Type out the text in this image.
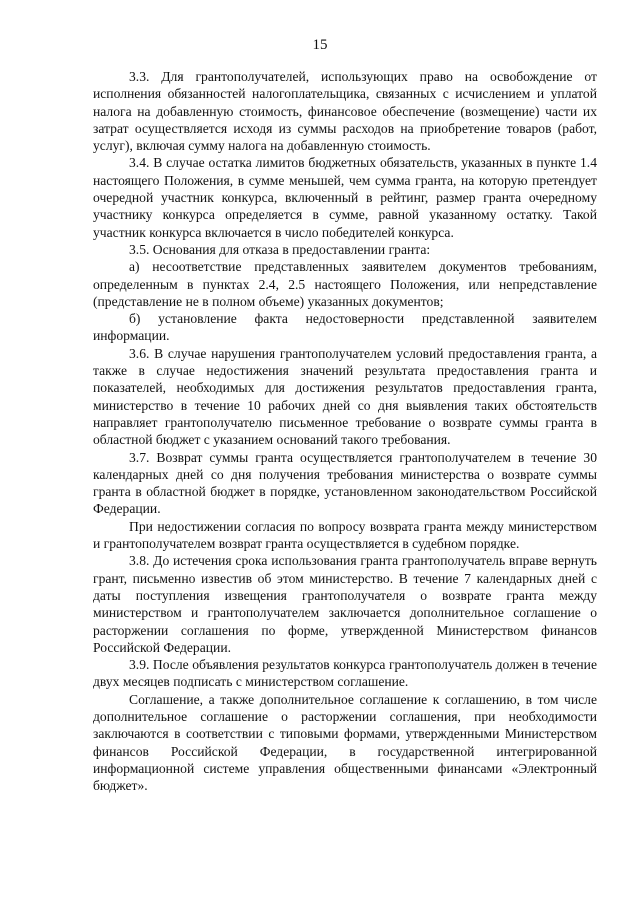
15

3.3. Для грантополучателей, использующих право на освобождение от исполнения обязанностей налогоплательщика, связанных с исчислением и уплатой налога на добавленную стоимость, финансовое обеспечение (возмещение) части их затрат осуществляется исходя из суммы расходов на приобретение товаров (работ, услуг), включая сумму налога на добавленную стоимость.

3.4. В случае остатка лимитов бюджетных обязательств, указанных в пункте 1.4 настоящего Положения, в сумме меньшей, чем сумма гранта, на которую претендует очередной участник конкурса, включенный в рейтинг, размер гранта очередному участнику конкурса определяется в сумме, равной указанному остатку. Такой участник конкурса включается в число победителей конкурса.

3.5. Основания для отказа в предоставлении гранта:

а) несоответствие представленных заявителем документов требованиям, определенным в пунктах 2.4, 2.5 настоящего Положения, или непредставление (представление не в полном объеме) указанных документов;

б) установление факта недостоверности представленной заявителем информации.

3.6. В случае нарушения грантополучателем условий предоставления гранта, а также в случае недостижения значений результата предоставления гранта и показателей, необходимых для достижения результатов предоставления гранта, министерство в течение 10 рабочих дней со дня выявления таких обстоятельств направляет грантополучателю письменное требование о возврате суммы гранта в областной бюджет с указанием оснований такого требования.

3.7. Возврат суммы гранта осуществляется грантополучателем в течение 30 календарных дней со дня получения требования министерства о возврате суммы гранта в областной бюджет в порядке, установленном законодательством Российской Федерации.

При недостижении согласия по вопросу возврата гранта между министерством и грантополучателем возврат гранта осуществляется в судебном порядке.

3.8. До истечения срока использования гранта грантополучатель вправе вернуть грант, письменно известив об этом министерство. В течение 7 календарных дней с даты поступления извещения грантополучателя о возврате гранта между министерством и грантополучателем заключается дополнительное соглашение о расторжении соглашения по форме, утвержденной Министерством финансов Российской Федерации.

3.9. После объявления результатов конкурса грантополучатель должен в течение двух месяцев подписать с министерством соглашение.

Соглашение, а также дополнительное соглашение к соглашению, в том числе дополнительное соглашение о расторжении соглашения, при необходимости заключаются в соответствии с типовыми формами, утвержденными Министерством финансов Российской Федерации, в государственной интегрированной информационной системе управления общественными финансами «Электронный бюджет».
